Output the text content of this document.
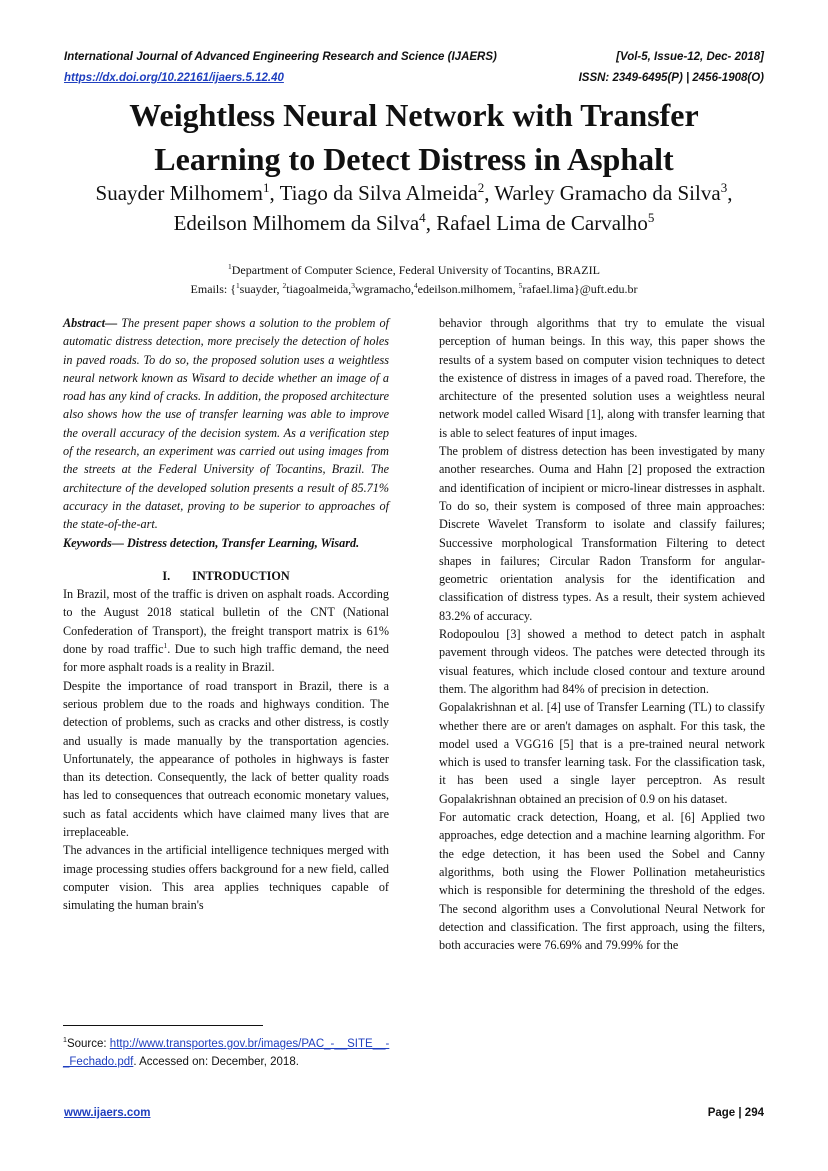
International Journal of Advanced Engineering Research and Science (IJAERS)	[Vol-5, Issue-12, Dec- 2018]
https://dx.doi.org/10.22161/ijaers.5.12.40	ISSN: 2349-6495(P) | 2456-1908(O)
Weightless Neural Network with Transfer
Learning to Detect Distress in Asphalt
Suayder Milhomem$^1$, Tiago da Silva Almeida$^2$, Warley Gramacho da Silva$^3$,
Edeilson Milhomem da Silva$^4$, Rafael Lima de Carvalho$^5$
$^1$Department of Computer Science, Federal University of Tocantins, BRAZIL
Emails: {$^1$suayder, $^2$tiagoalmeida,$^3$wgramacho,$^4$edeilson.milhomem, $^5$rafael.lima}@uft.edu.br

Abstract— The present paper shows a solution to the problem of automatic distress detection, more precisely the detection of holes in paved roads. To do so, the proposed solution uses a weightless neural network known as Wisard to decide whether an image of a road has any kind of cracks. In addition, the proposed architecture also shows how the use of transfer learning was able to improve the overall accuracy of the decision system. As a verification step of the research, an experiment was carried out using images from the streets at the Federal University of Tocantins, Brazil. The architecture of the developed solution presents a result of 85.71% accuracy in the dataset, proving to be superior to approaches of the state-of-the-art.

Keywords— Distress detection, Transfer Learning, Wisard.

I. INTRODUCTION

In Brazil, most of the traffic is driven on asphalt roads. According to the August 2018 statical bulletin of the CNT (National Confederation of Transport), the freight transport matrix is 61% done by road traffic$^1$. Due to such high traffic demand, the need for more asphalt roads is a reality in Brazil.

Despite the importance of road transport in Brazil, there is a serious problem due to the roads and highways condition. The detection of problems, such as cracks and other distress, is costly and usually is made manually by the transportation agencies. Unfortunately, the appearance of potholes in highways is faster than its detection. Consequently, the lack of better quality roads has led to consequences that outreach economic monetary values, such as fatal accidents which have claimed many lives that are irreplaceable.

The advances in the artificial intelligence techniques merged with image processing studies offers background for a new field, called computer vision. This area applies techniques capable of simulating the human brain's

behavior through algorithms that try to emulate the visual perception of human beings. In this way, this paper shows the results of a system based on computer vision techniques to detect the existence of distress in images of a paved road. Therefore, the architecture of the presented solution uses a weightless neural network model called Wisard [1], along with transfer learning that is able to select features of input images.

The problem of distress detection has been investigated by many another researches. Ouma and Hahn [2] proposed the extraction and identification of incipient or micro-linear distresses in asphalt. To do so, their system is composed of three main approaches: Discrete Wavelet Transform to isolate and classify failures; Successive morphological Transformation Filtering to detect shapes in failures; Circular Radon Transform for angular-geometric orientation analysis for the identification and classification of distress types. As a result, their system achieved 83.2% of accuracy.

Rodopoulou [3] showed a method to detect patch in asphalt pavement through videos. The patches were detected through its visual features, which include closed contour and texture around them. The algorithm had 84% of precision in detection.

Gopalakrishnan et al. [4] use of Transfer Learning (TL) to classify whether there are or aren't damages on asphalt. For this task, the model used a VGG16 [5] that is a pre-trained neural network which is used to transfer learning task. For the classification task, it has been used a single layer perceptron. As result Gopalakrishnan obtained an precision of 0.9 on his dataset.

For automatic crack detection, Hoang, et al. [6] Applied two approaches, edge detection and a machine learning algorithm. For the edge detection, it has been used the Sobel and Canny algorithms, both using the Flower Pollination metaheuristics which is responsible for determining the threshold of the edges. The second algorithm uses a Convolutional Neural Network for detection and classification. The first approach, using the filters, both accuracies were 76.69% and 79.99% for the

$^1$Source: http://www.transportes.gov.br/images/PAC_-__SITE__-_Fechado.pdf. Accessed on: December, 2018.
www.ijaers.com	Page | 294
